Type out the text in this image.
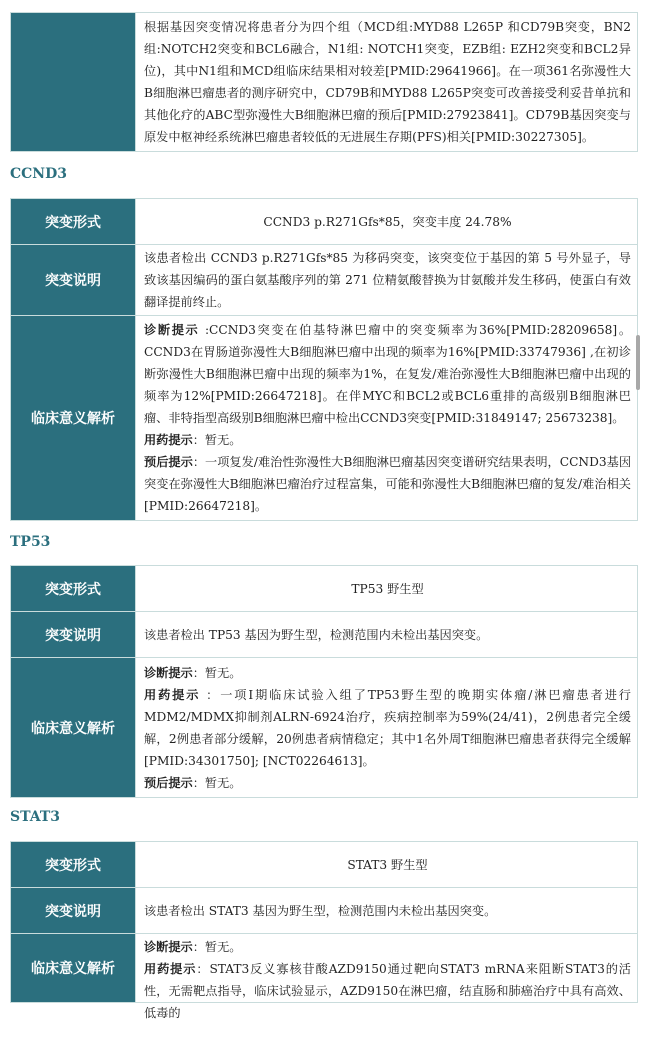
	根据基因突变情况将患者分为四个组（MCD组:MYD88 L265P 和CD79B突变，BN2组:NOTCH2突变和BCL6融合，N1组: NOTCH1突变，EZB组: EZH2突变和BCL2异位)，其中N1组和MCD组临床结果相对较差[PMID:29641966]。在一项361名弥漫性大B细胞淋巴瘤患者的测序研究中，CD79B和MYD88 L265P突变可改善接受利妥昔单抗和其他化疗的ABC型弥漫性大B细胞淋巴瘤的预后[PMID:27923841]。CD79B基因突变与原发中枢神经系统淋巴瘤患者较低的无进展生存期(PFS)相关[PMID:30227305]。
CCND3
突变形式	CCND3 p.R271Gfs*85，突变丰度 24.78%
突变说明	该患者检出 CCND3 p.R271Gfs*85 为移码突变，该突变位于基因的第 5 号外显子，导致该基因编码的蛋白氨基酸序列的第 271 位精氨酸替换为甘氨酸并发生移码，使蛋白有效翻译提前终止。
临床意义解析	诊断提示 :CCND3突变在伯基特淋巴瘤中的突变频率为36%[PMID:28209658]。CCND3在胃肠道弥漫性大B细胞淋巴瘤中出现的频率为16%[PMID:33747936] ,在初诊断弥漫性大B细胞淋巴瘤中出现的频率为1%，在复发/难治弥漫性大B细胞淋巴瘤中出现的频率为12%[PMID:26647218]。在伴MYC和BCL2或BCL6重排的高级别B细胞淋巴瘤、非特指型高级别B细胞淋巴瘤中检出CCND3突变[PMID:31849147; 25673238]。
用药提示：暂无。
预后提示：一项复发/难治性弥漫性大B细胞淋巴瘤基因突变谱研究结果表明，CCND3基因突变在弥漫性大B细胞淋巴瘤治疗过程富集，可能和弥漫性大B细胞淋巴瘤的复发/难治相关[PMID:26647218]。
TP53
突变形式	TP53 野生型
突变说明	该患者检出 TP53 基因为野生型，检测范围内未检出基因突变。
临床意义解析	诊断提示：暂无。
用药提示 ：一项I期临床试验入组了TP53野生型的晚期实体瘤/淋巴瘤患者进行MDM2/MDMX抑制剂ALRN-6924治疗，疾病控制率为59%(24/41)，2例患者完全缓解，2例患者部分缓解，20例患者病情稳定；其中1名外周T细胞淋巴瘤患者获得完全缓解[PMID:34301750]; [NCT02264613]。
预后提示：暂无。
STAT3
突变形式	STAT3 野生型
突变说明	该患者检出 STAT3 基因为野生型，检测范围内未检出基因突变。
临床意义解析	诊断提示：暂无。
用药提示：STAT3反义寡核苷酸AZD9150通过靶向STAT3 mRNA来阻断STAT3的活性，无需靶点指导，临床试验显示，AZD9150在淋巴瘤，结直肠和肺癌治疗中具有高效、低毒的
